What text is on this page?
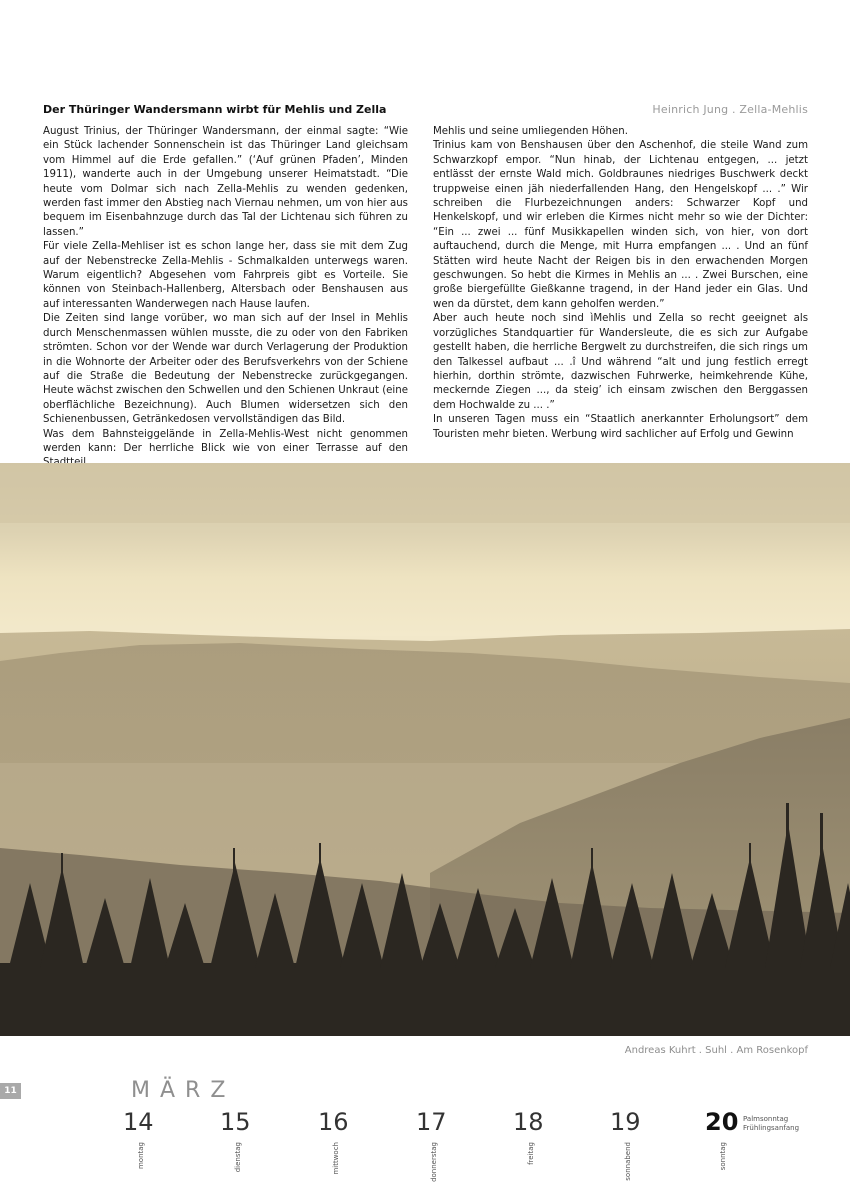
Der Thüringer Wandersmann wirbt für Mehlis und Zella	Heinrich Jung . Zella-Mehlis

August Trinius, der Thüringer Wandersmann, der einmal sagte: “Wie ein Stück lachender Sonnenschein ist das Thüringer Land gleichsam vom Himmel auf die Erde gefallen.” (‘Auf grünen Pfaden’, Minden 1911), wanderte auch in der Umgebung unserer Heimatstadt. “Die heute vom Dolmar sich nach Zella-Mehlis zu wenden gedenken, werden fast immer den Abstieg nach Viernau nehmen, um von hier aus bequem im Eisenbahnzuge durch das Tal der Lichtenau sich führen zu lassen.”

Für viele Zella-Mehliser ist es schon lange her, dass sie mit dem Zug auf der Nebenstrecke Zella-Mehlis - Schmalkalden unterwegs waren. Warum eigentlich? Abgesehen vom Fahrpreis gibt es Vorteile. Sie können von Steinbach-Hallenberg, Altersbach oder Benshausen aus auf interessanten Wanderwegen nach Hause laufen.

Die Zeiten sind lange vorüber, wo man sich auf der Insel in Mehlis durch Menschenmassen wühlen musste, die zu oder von den Fabriken strömten. Schon vor der Wende war durch Verlagerung der Produktion in die Wohnorte der Arbeiter oder des Berufsverkehrs von der Schiene auf die Straße die Bedeutung der Nebenstrecke zurückgegangen. Heute wächst zwischen den Schwellen und den Schienen Unkraut (eine oberflächliche Bezeichnung). Auch Blumen widersetzen sich den Schienenbussen, Getränkedosen vervollständigen das Bild.

Was dem Bahnsteiggelände in Zella-Mehlis-West nicht genommen werden kann: Der herrliche Blick wie von einer Terrasse auf den

Mehlis und seine umliegenden Höhen.

Trinius kam von Benshausen über den Aschenhof, die steile Wand zum Schwarzkopf empor. “Nun hinab, der Lichtenau entgegen, ... jetzt entlässt der ernste Wald mich. Goldbraunes niedriges Buschwerk deckt truppweise einen jäh niederfallenden Hang, den Hengelskopf ... .” Wir schreiben die Flurbezeichnungen anders: Schwarzer Kopf und Henkelskopf, und wir erleben die Kirmes nicht mehr so wie der Dichter: “Ein ... zwei ... fünf Musikkapellen winden sich, von hier, von dort auftauchend, durch die Menge, mit Hurra empfangen ... . Und an fünf Stätten wird heute Nacht der Reigen bis in den erwachenden Morgen geschwungen. So hebt die Kirmes in Mehlis an ... . Zwei Burschen, eine große biergefüllte Gießkanne tragend, in der Hand jeder ein Glas. Und wen da dürstet, dem kann geholfen werden.”

Aber auch heute noch sind ìMehlis und Zella so recht geeignet als vorzügliches Standquartier für Wandersleute, die es sich zur Aufgabe gestellt haben, die herrliche Bergwelt zu durchstreifen, die sich rings um den Talkessel aufbaut ... .î Und während “alt und jung festlich erregt hierhin, dorthin strömte, dazwischen Fuhrwerke, heimkehrende Kühe, meckernde Ziegen ..., da steig’ ich einsam zwischen den Berggassen dem Hochwalde zu ... .”

In unseren Tagen muss ein “Staatlich anerkannter Erholungsort” dem Touristen mehr bieten. Werbung wird sachlicher auf Erfolg und Gewinn

Andreas Kuhrt . Suhl . Am Rosenkopf
11	MÄRZ
14
montag
15
dienstag
16
mittwoch
17
donnerstag
18
freitag
19
sonnabend
20
sonntag
Palmsonntag
Frühlingsanfang
